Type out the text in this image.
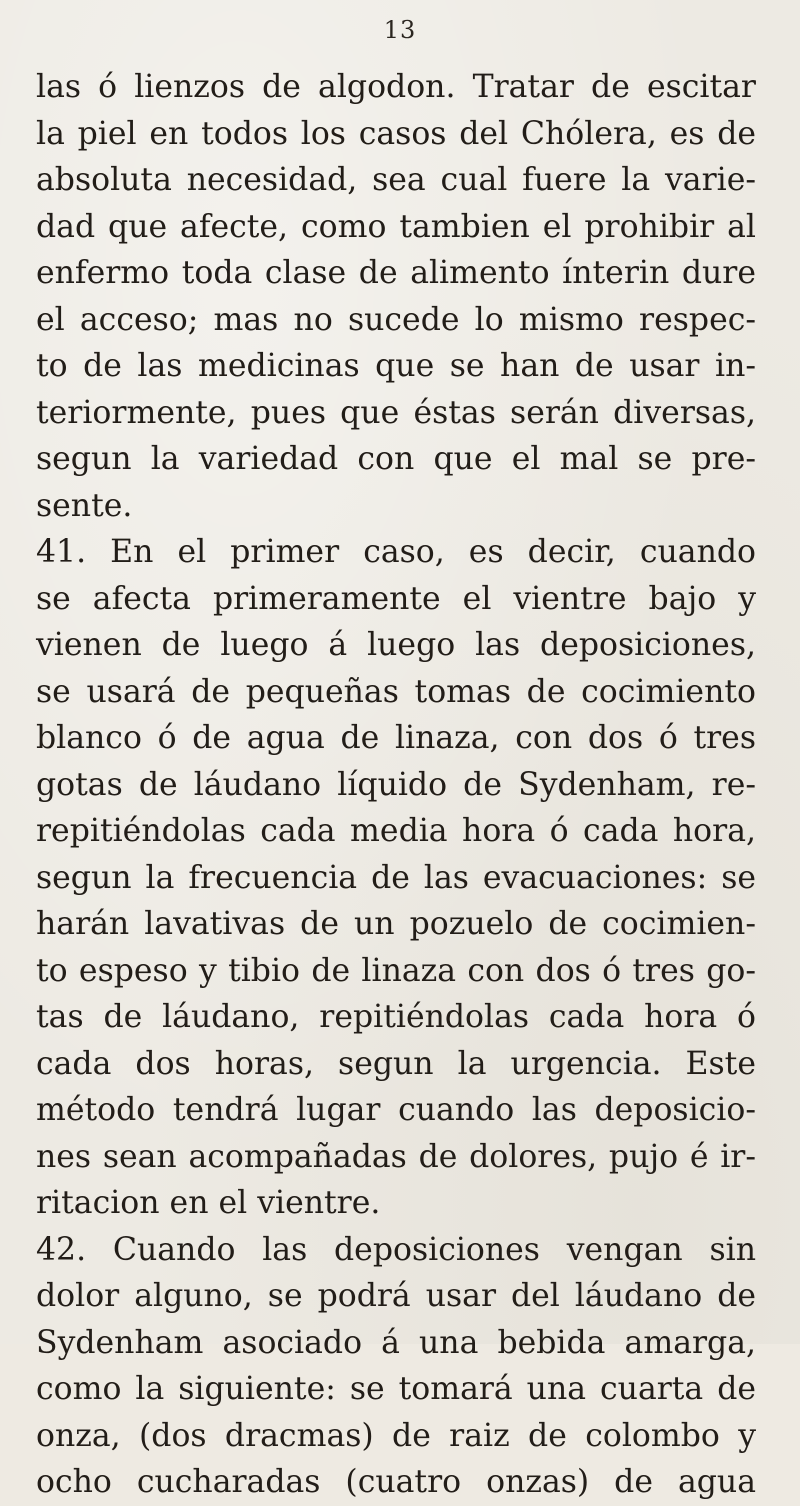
13
las ó lienzos de algodon. Tratar de escitar
la piel en todos los casos del Chólera, es de
absoluta necesidad, sea cual fuere la varie-
dad que afecte, como tambien el prohibir al
enfermo toda clase de alimento ínterin dure
el acceso; mas no sucede lo mismo respec-
to de las medicinas que se han de usar in-
teriormente, pues que éstas serán diversas,
segun la variedad con que el mal se pre-
sente.
41. En el primer caso, es decir, cuando
se afecta primeramente el vientre bajo y
vienen de luego á luego las deposiciones,
se usará de pequeñas tomas de cocimiento
blanco ó de agua de linaza, con dos ó tres
gotas de láudano líquido de Sydenham, re-
repitiéndolas cada media hora ó cada hora,
segun la frecuencia de las evacuaciones: se
harán lavativas de un pozuelo de cocimien-
to espeso y tibio de linaza con dos ó tres go-
tas de láudano, repitiéndolas cada hora ó
cada dos horas, segun la urgencia. Este
método tendrá lugar cuando las deposicio-
nes sean acompañadas de dolores, pujo é ir-
ritacion en el vientre.
42. Cuando las deposiciones vengan sin
dolor alguno, se podrá usar del láudano de
Sydenham asociado á una bebida amarga,
como la siguiente: se tomará una cuarta de
onza, (dos dracmas) de raiz de colombo y
ocho cucharadas (cuatro onzas) de agua
